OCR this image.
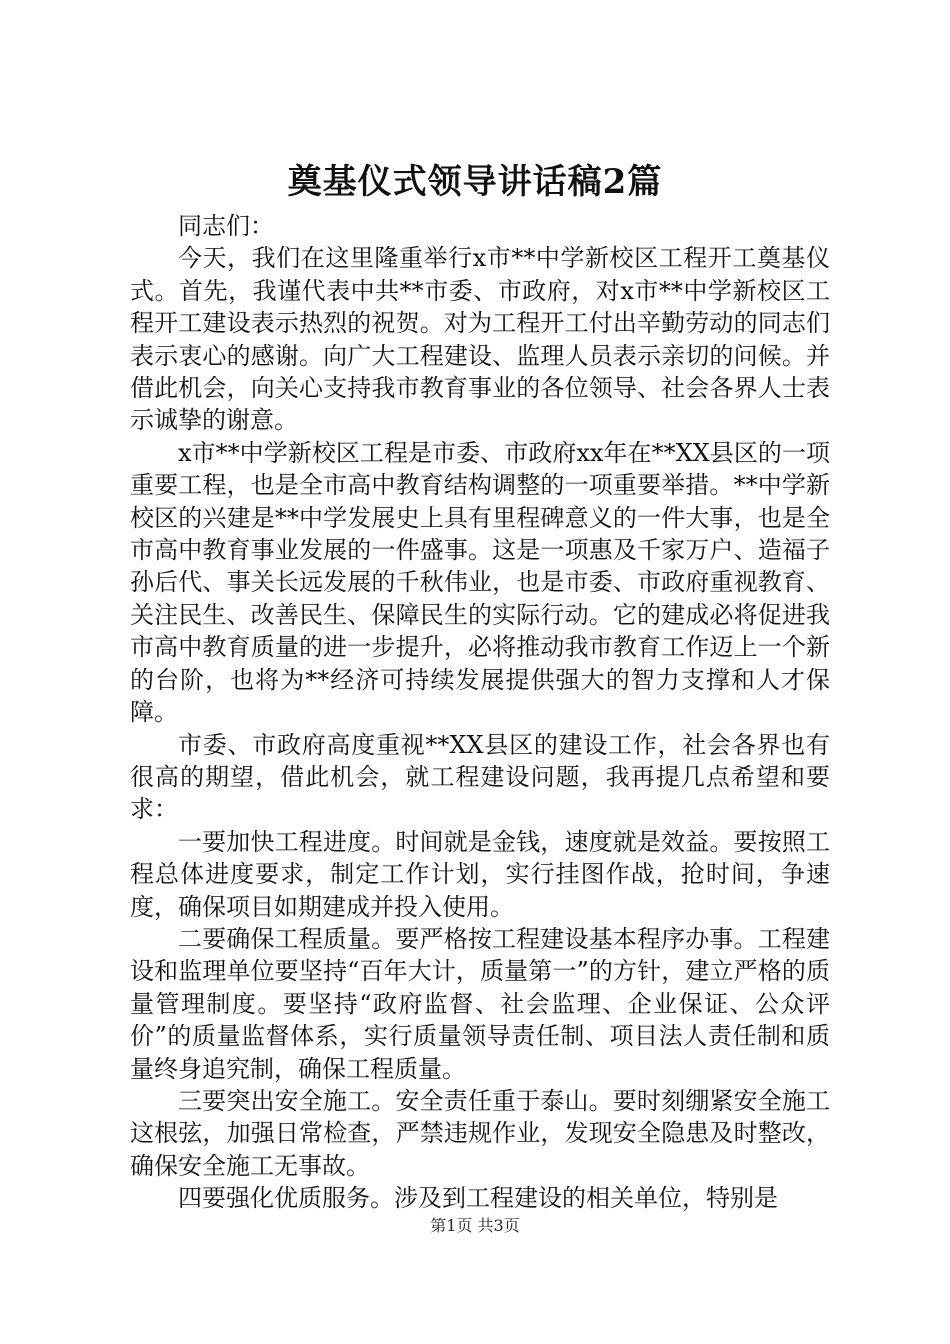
奠基仪式领导讲话稿2篇

同志们：

今天，我们在这里隆重举行x市**中学新校区工程开工奠基仪式。首先，我谨代表中共**市委、市政府，对x市**中学新校区工程开工建设表示热烈的祝贺。对为工程开工付出辛勤劳动的同志们表示衷心的感谢。向广大工程建设、监理人员表示亲切的问候。并借此机会，向关心支持我市教育事业的各位领导、社会各界人士表示诚挚的谢意。

x市**中学新校区工程是市委、市政府xx年在**XX县区的一项重要工程，也是全市高中教育结构调整的一项重要举措。**中学新校区的兴建是**中学发展史上具有里程碑意义的一件大事，也是全市高中教育事业发展的一件盛事。这是一项惠及千家万户、造福子孙后代、事关长远发展的千秋伟业，也是市委、市政府重视教育、关注民生、改善民生、保障民生的实际行动。它的建成必将促进我市高中教育质量的进一步提升，必将推动我市教育工作迈上一个新的台阶，也将为**经济可持续发展提供强大的智力支撑和人才保障。

市委、市政府高度重视**XX县区的建设工作，社会各界也有很高的期望，借此机会，就工程建设问题，我再提几点希望和要求：

一要加快工程进度。时间就是金钱，速度就是效益。要按照工程总体进度要求，制定工作计划，实行挂图作战，抢时间，争速度，确保项目如期建成并投入使用。

二要确保工程质量。要严格按工程建设基本程序办事。工程建设和监理单位要坚持“百年大计，质量第一”的方针，建立严格的质量管理制度。要坚持“政府监督、社会监理、企业保证、公众评价”的质量监督体系，实行质量领导责任制、项目法人责任制和质量终身追究制，确保工程质量。

三要突出安全施工。安全责任重于泰山。要时刻绷紧安全施工这根弦，加强日常检查，严禁违规作业，发现安全隐患及时整改，确保安全施工无事故。

四要强化优质服务。涉及到工程建设的相关单位，特别是

第1页 共3页
